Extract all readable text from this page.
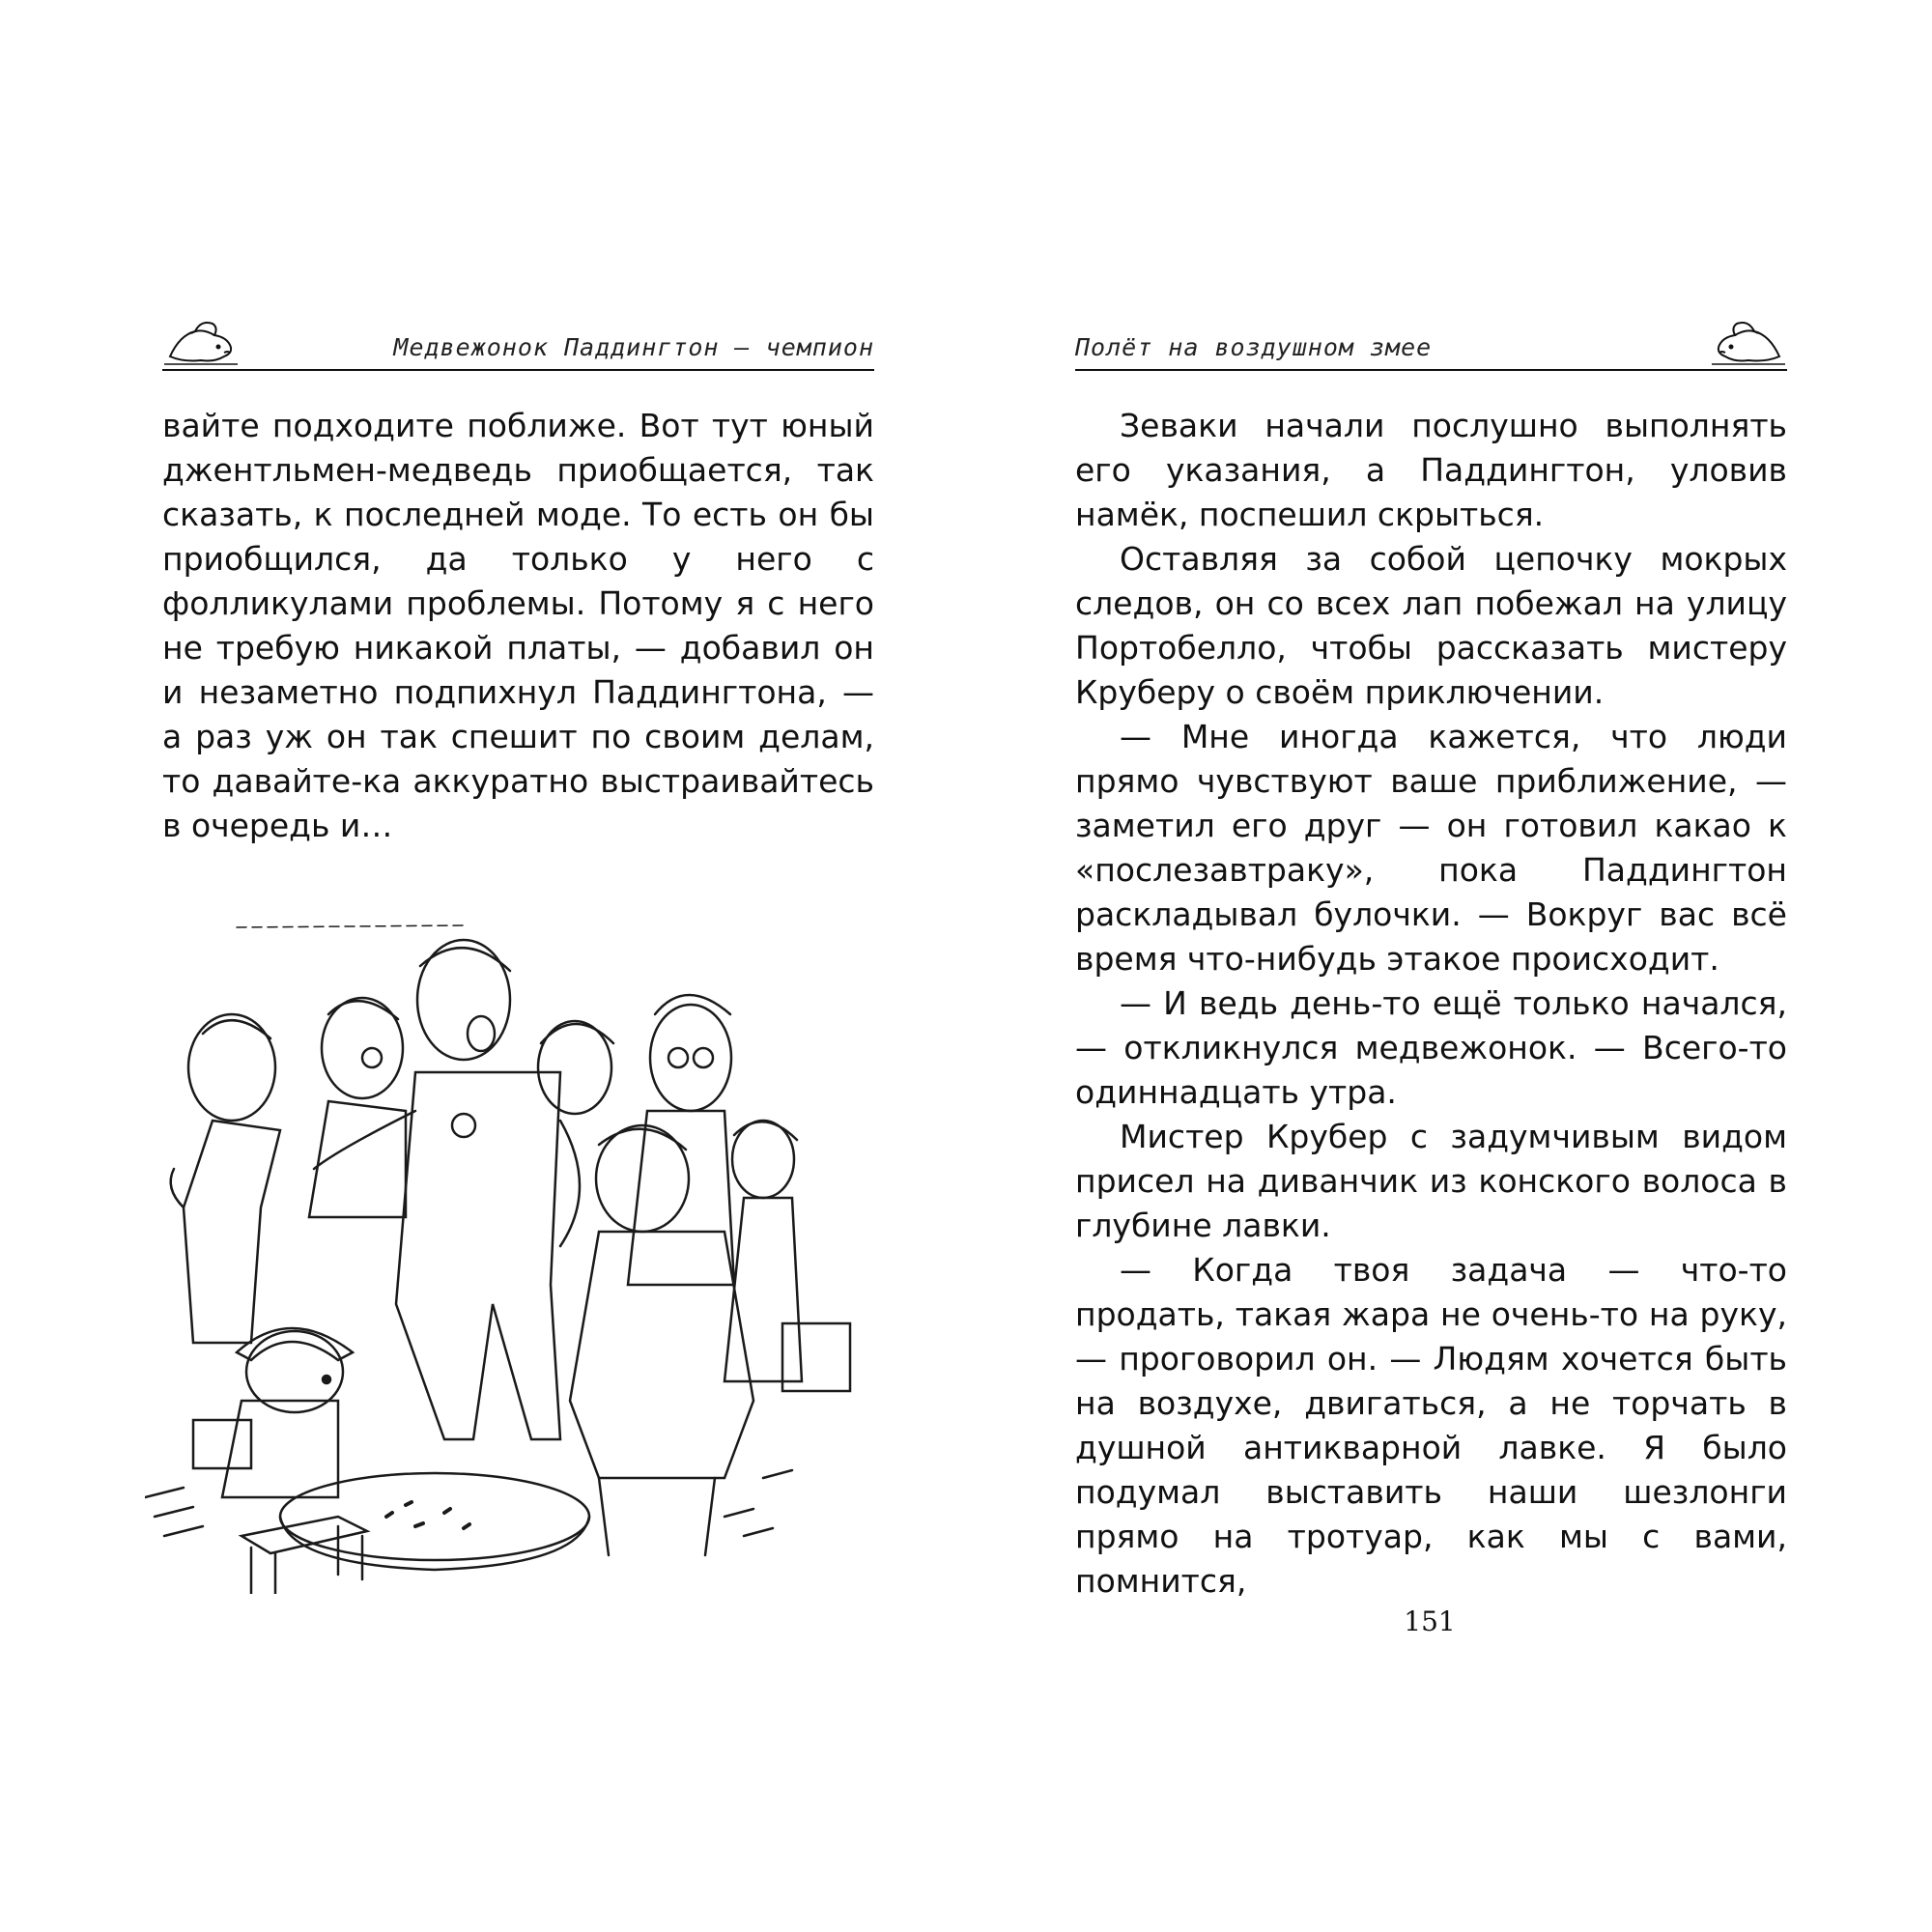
Медвежонок Паддингтон — чемпион

вайте подходите поближе. Вот тут юный джентльмен-медведь приобщается, так сказать, к последней моде. То есть он бы приобщился, да только у него с фолликулами проблемы. Потому я с него не требую никакой платы, — добавил он и незаметно подпихнул Паддингтона, — а раз уж он так спешит по своим делам, то давайте-ка аккуратно выстраивайтесь в очередь и…

Полёт на воздушном змее

Зеваки начали послушно выполнять его указания, а Паддингтон, уловив намёк, поспешил скрыться.

Оставляя за собой цепочку мокрых следов, он со всех лап побежал на улицу Портобелло, чтобы рассказать мистеру Круберу о своём приключении.

— Мне иногда кажется, что люди прямо чувствуют ваше приближение, — заметил его друг — он готовил какао к «послезавтраку», пока Паддингтон раскладывал булочки. — Вокруг вас всё время что-нибудь этакое происходит.

— И ведь день-то ещё только начался, — откликнулся медвежонок. — Всего-то одиннадцать утра.

Мистер Крубер с задумчивым видом присел на диванчик из конского волоса в глубине лавки.

— Когда твоя задача — что-то продать, такая жара не очень-то на руку, — проговорил он. — Людям хочется быть на воздухе, двигаться, а не торчать в душной антикварной лавке. Я было подумал выставить наши шезлонги прямо на тротуар, как мы с вами, помнится,

151
